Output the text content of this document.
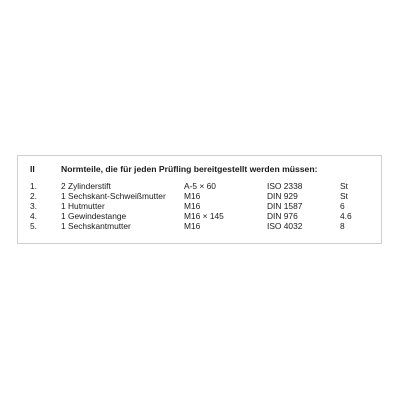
II	Normteile, die für jeden Prüfling bereitgestellt werden müssen:
1.	2 Zylinderstift	A-5 × 60	ISO 2338	St
2.	1 Sechskant-Schweißmutter	M16	DIN 929	St
3.	1 Hutmutter	M16	DIN 1587	6
4.	1 Gewindestange	M16 × 145	DIN 976	4.6
5.	1 Sechskantmutter	M16	ISO 4032	8
